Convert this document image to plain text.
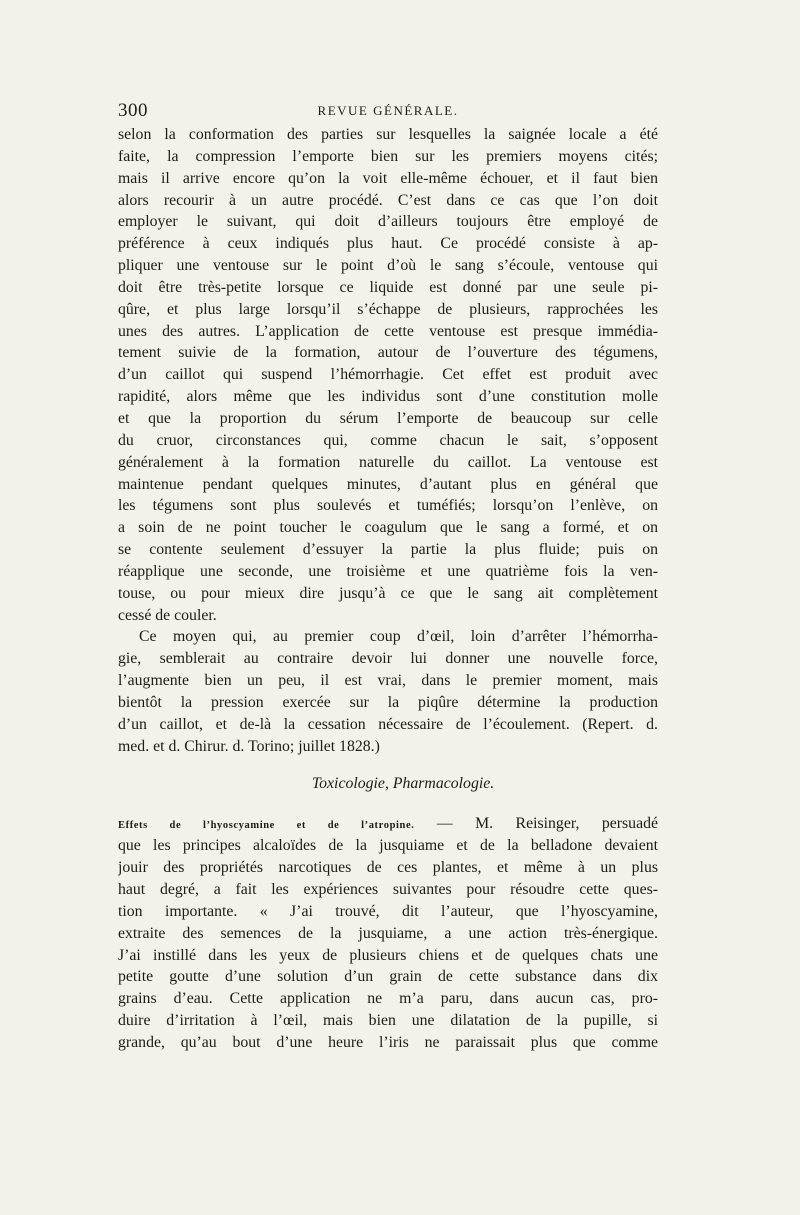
300	REVUE GÉNÉRALE.
selon la conformation des parties sur lesquelles la saignée locale a été
faite, la compression l’emporte bien sur les premiers moyens cités;
mais il arrive encore qu’on la voit elle-même échouer, et il faut bien
alors recourir à un autre procédé. C’est dans ce cas que l’on doit
employer le suivant, qui doit d’ailleurs toujours être employé de
préférence à ceux indiqués plus haut. Ce procédé consiste à ap-
pliquer une ventouse sur le point d’où le sang s’écoule, ventouse qui
doit être très-petite lorsque ce liquide est donné par une seule pi-
qûre, et plus large lorsqu’il s’échappe de plusieurs, rapprochées les
unes des autres. L’application de cette ventouse est presque immédia-
tement suivie de la formation, autour de l’ouverture des tégumens,
d’un caillot qui suspend l’hémorrhagie. Cet effet est produit avec
rapidité, alors même que les individus sont d’une constitution molle
et que la proportion du sérum l’emporte de beaucoup sur celle
du cruor, circonstances qui, comme chacun le sait, s’opposent
généralement à la formation naturelle du caillot. La ventouse est
maintenue pendant quelques minutes, d’autant plus en général que
les tégumens sont plus soulevés et tuméfiés; lorsqu’on l’enlève, on
a soin de ne point toucher le coagulum que le sang a formé, et on
se contente seulement d’essuyer la partie la plus fluide; puis on
réapplique une seconde, une troisième et une quatrième fois la ven-
touse, ou pour mieux dire jusqu’à ce que le sang ait complètement
cessé de couler.
Ce moyen qui, au premier coup d’œil, loin d’arrêter l’hémorrha-
gie, semblerait au contraire devoir lui donner une nouvelle force,
l’augmente bien un peu, il est vrai, dans le premier moment, mais
bientôt la pression exercée sur la piqûre détermine la production
d’un caillot, et de-là la cessation nécessaire de l’écoulement. (Repert. d.
med. et d. Chirur. d. Torino; juillet 1828.)
Toxicologie, Pharmacologie.
Effets de l’hyoscyamine et de l’atropine. — M. Reisinger, persuadé
que les principes alcaloïdes de la jusquiame et de la belladone devaient
jouir des propriétés narcotiques de ces plantes, et même à un plus
haut degré, a fait les expériences suivantes pour résoudre cette ques-
tion importante. « J’ai trouvé, dit l’auteur, que l’hyoscyamine,
extraite des semences de la jusquiame, a une action très-énergique.
J’ai instillé dans les yeux de plusieurs chiens et de quelques chats une
petite goutte d’une solution d’un grain de cette substance dans dix
grains d’eau. Cette application ne m’a paru, dans aucun cas, pro-
duire d’irritation à l’œil, mais bien une dilatation de la pupille, si
grande, qu’au bout d’une heure l’iris ne paraissait plus que comme
